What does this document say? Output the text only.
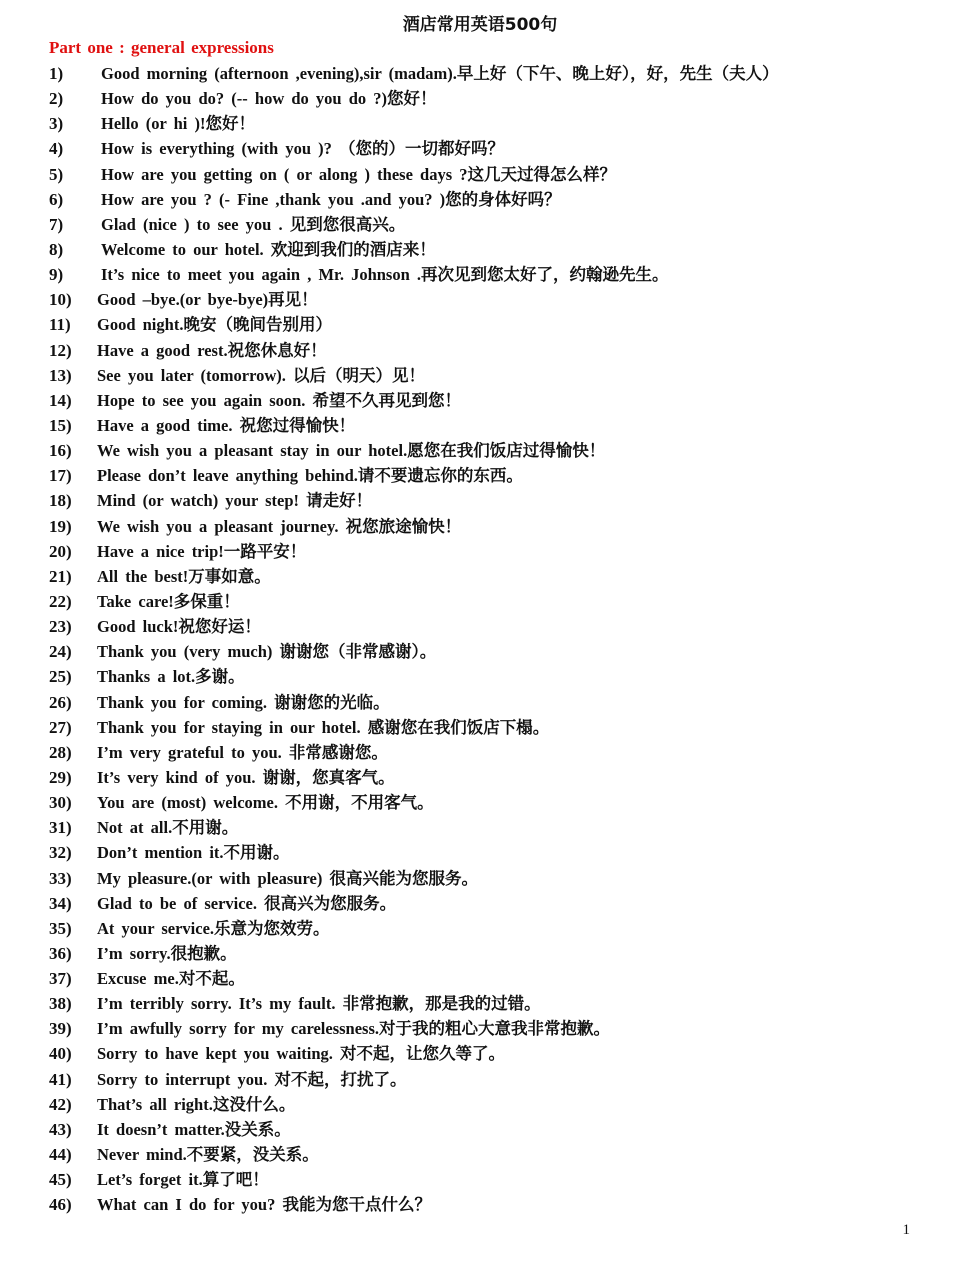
酒店常用英语500句
Part one : general expressions
1) Good morning (afternoon ,evening),sir (madam).早上好（下午、晚上好），好，先生（夫人）
2) How do you do? (-- how do you do ?)您好！
3) Hello (or hi )!您好！
4) How is everything (with you )? （您的）一切都好吗？
5) How are you getting on ( or along ) these days ?这几天过得怎么样？
6) How are you ? (- Fine ,thank you .and you? )您的身体好吗？
7) Glad (nice ) to see you . 见到您很高兴。
8) Welcome to our hotel. 欢迎到我们的酒店来！
9) It’s nice to meet you again , Mr. Johnson .再次见到您太好了，约翰逊先生。
10) Good –bye.(or bye-bye)再见！
11) Good night.晚安（晚间告别用）
12) Have a good rest.祝您休息好！
13) See you later (tomorrow). 以后（明天）见！
14) Hope to see you again soon. 希望不久再见到您！
15) Have a good time. 祝您过得愉快！
16) We wish you a pleasant stay in our hotel.愿您在我们饭店过得愉快！
17) Please don’t leave anything behind.请不要遗忘你的东西。
18) Mind (or watch) your step! 请走好！
19) We wish you a pleasant journey. 祝您旅途愉快！
20) Have a nice trip!一路平安！
21) All the best!万事如意。
22) Take care!多保重！
23) Good luck!祝您好运！
24) Thank you (very much) 谢谢您（非常感谢）。
25) Thanks a lot.多谢。
26) Thank you for coming. 谢谢您的光临。
27) Thank you for staying in our hotel. 感谢您在我们饭店下榻。
28) I’m very grateful to you. 非常感谢您。
29) It’s very kind of you. 谢谢，您真客气。
30) You are (most) welcome. 不用谢，不用客气。
31) Not at all.不用谢。
32) Don’t mention it.不用谢。
33) My pleasure.(or with pleasure) 很高兴能为您服务。
34) Glad to be of service. 很高兴为您服务。
35) At your service.乐意为您效劳。
36) I’m sorry.很抱歉。
37) Excuse me.对不起。
38) I’m terribly sorry. It’s my fault. 非常抱歉，那是我的过错。
39) I’m awfully sorry for my carelessness.对于我的粗心大意我非常抱歉。
40) Sorry to have kept you waiting. 对不起，让您久等了。
41) Sorry to interrupt you. 对不起，打扰了。
42) That’s all right.这没什么。
43) It doesn’t matter.没关系。
44) Never mind.不要紧，没关系。
45) Let’s forget it.算了吧！
46) What can I do for you? 我能为您干点什么？
1
